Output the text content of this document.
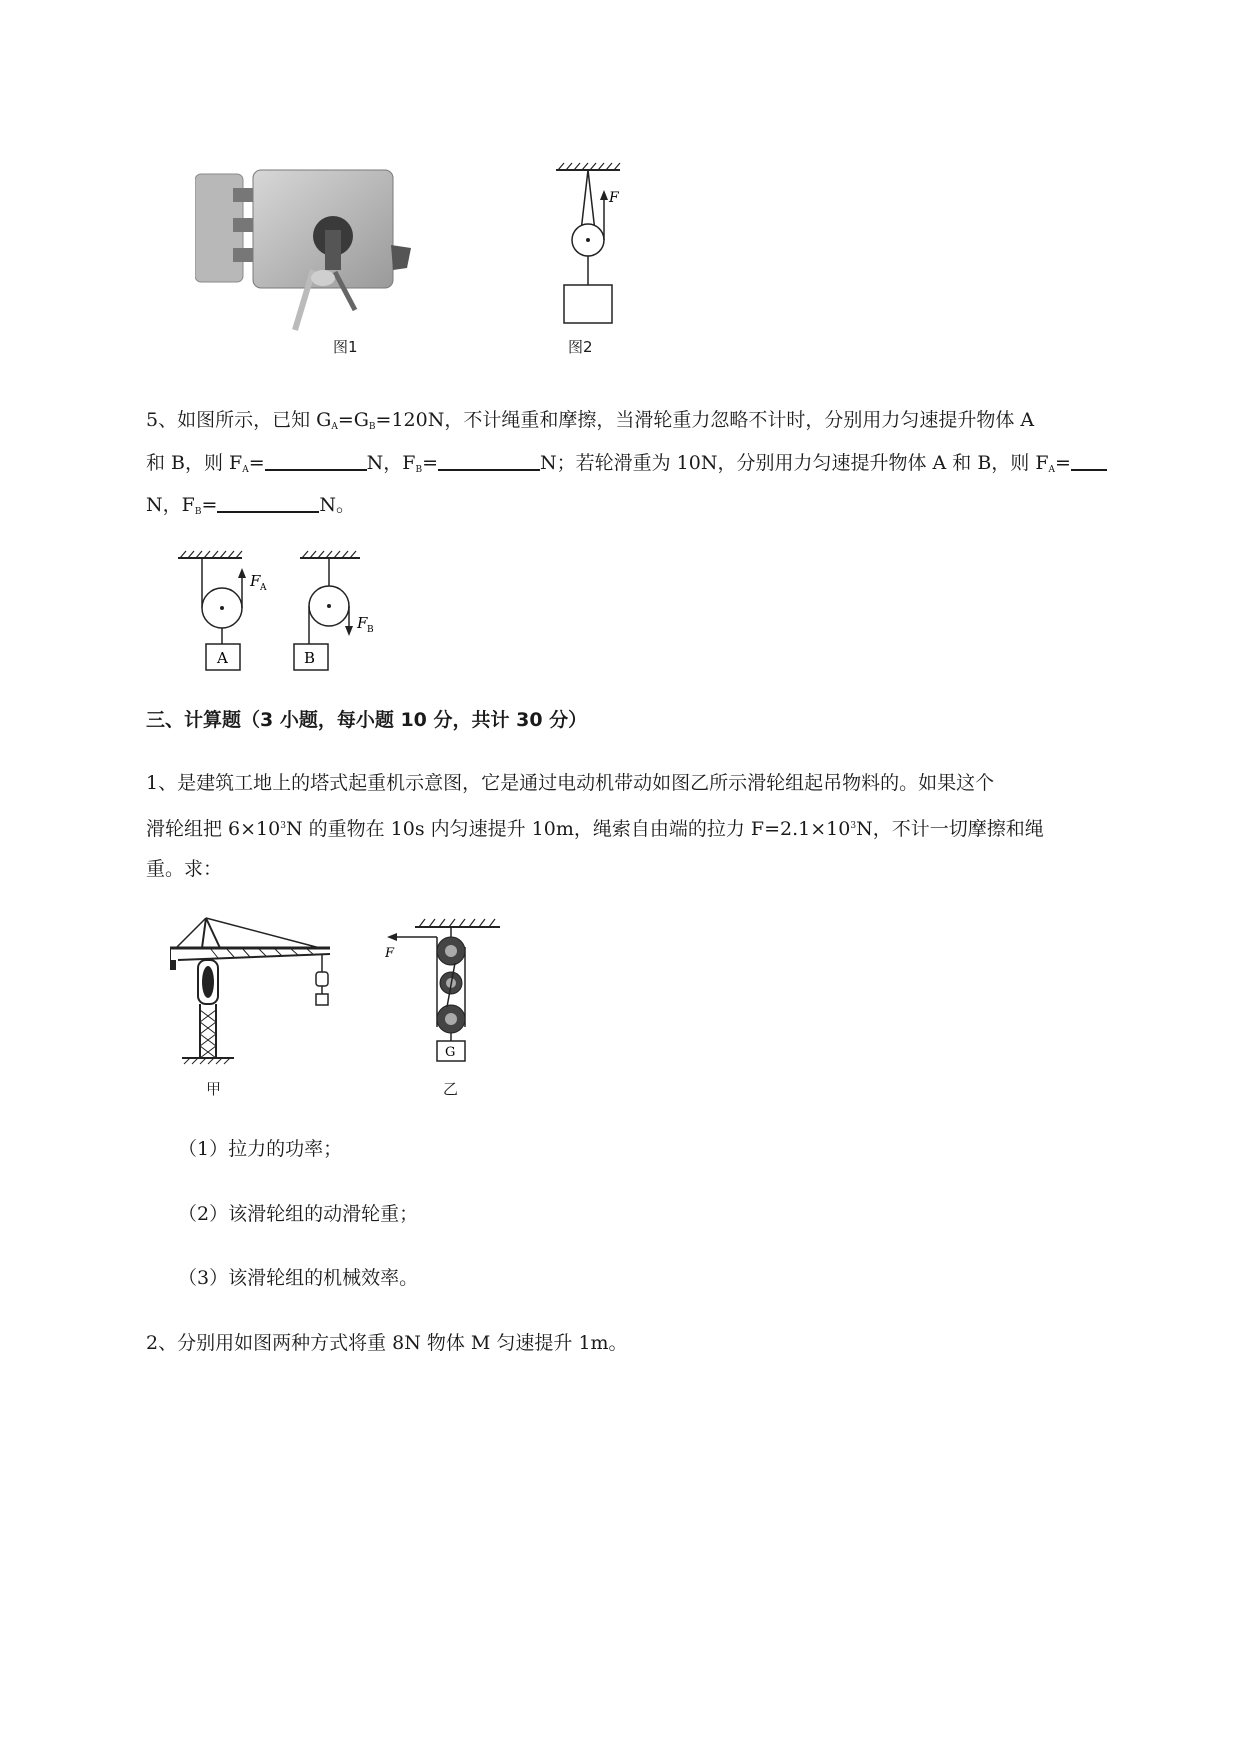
图1
F
图2
5、如图所示，已知 $G_A=G_B=120N$，不计绳重和摩擦，当滑轮重力忽略不计时，分别用力匀速提升物体 A
和 B，则 $F_A=$	N，$F_B=$	N；若轮滑重为 10N，分别用力匀速提升物体 A 和 B，则 $F_A=$
N，$F_B=$	N。
F A
A
F B
B
三、计算题（3 小题，每小题 10 分，共计 30 分）
1、是建筑工地上的塔式起重机示意图，它是通过电动机带动如图乙所示滑轮组起吊物料的。如果这个
滑轮组把 $6\times 10^3N$ 的重物在 10s 内匀速提升 10m，绳索自由端的拉力 $F=2.1\times 10^3N$，不计一切摩擦和绳
重。求：
甲
F
G
乙
（1）拉力的功率；
（2）该滑轮组的动滑轮重；
（3）该滑轮组的机械效率。
2、分别用如图两种方式将重 8N 物体 M 匀速提升 1m。
